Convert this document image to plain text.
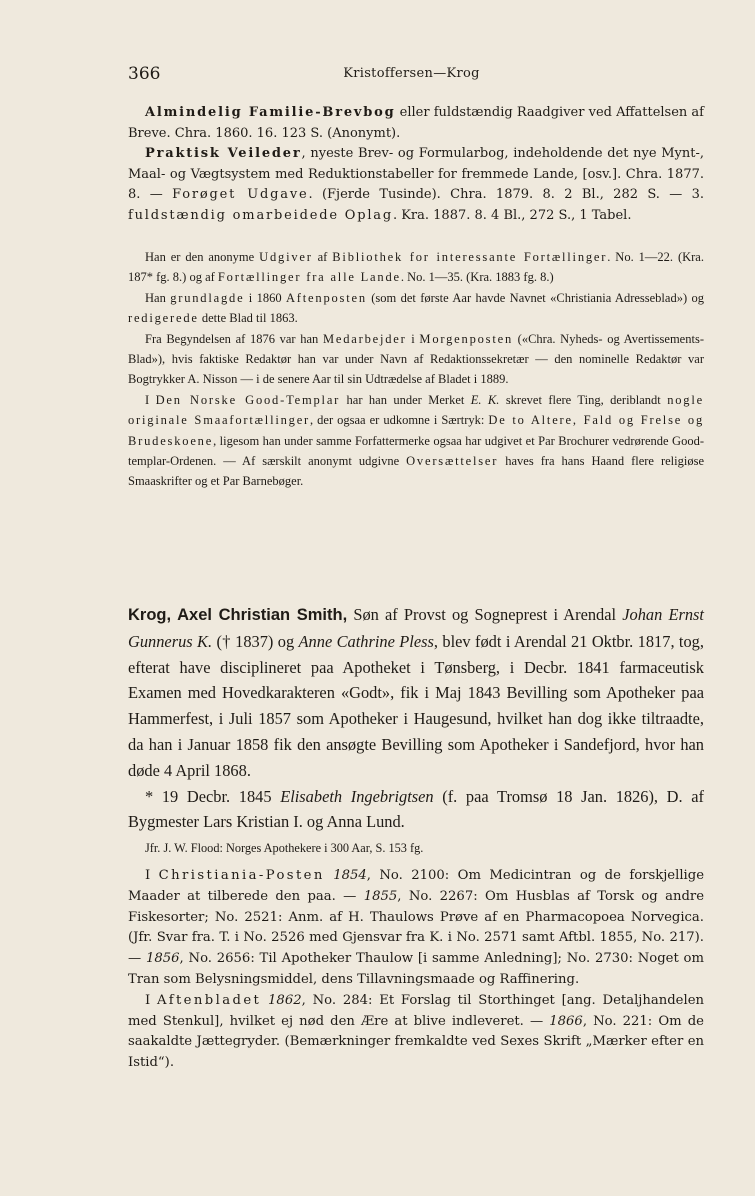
366	Kristoffersen—Krog

Almindelig Familie-Brevbog eller fuldstændig Raadgiver ved Affattelsen af Breve. Chra. 1860. 16. 123 S. (Anonymt).

Praktisk Veileder, nyeste Brev- og Formularbog, indeholdende det nye Mynt-, Maal- og Vægtsystem med Reduktionstabeller for fremmede Lande, [osv.]. Chra. 1877. 8. — Forøget Udgave. (Fjerde Tusinde). Chra. 1879. 8. 2 Bl., 282 S. — 3. fuldstændig omarbeidede Oplag. Kra. 1887. 8. 4 Bl., 272 S., 1 Tabel.

Han er den anonyme Udgiver af Bibliothek for interessante Fortællinger. No. 1—22. (Kra. 187* fg. 8.) og af Fortællinger fra alle Lande. No. 1—35. (Kra. 1883 fg. 8.)

Han grundlagde i 1860 Aftenposten (som det første Aar havde Navnet «Christiania Adresseblad») og redigerede dette Blad til 1863.

Fra Begyndelsen af 1876 var han Medarbejder i Morgenposten («Chra. Nyheds- og Avertissements-Blad»), hvis faktiske Redaktør han var under Navn af Redaktionssekretær — den nominelle Redaktør var Bogtrykker A. Nisson — i de senere Aar til sin Udtrædelse af Bladet i 1889.

I Den Norske Good-Templar har han under Merket E. K. skrevet flere Ting, deriblandt nogle originale Smaafortællinger, der ogsaa er udkomne i Særtryk: De to Altere, Fald og Frelse og Brudeskoene, ligesom han under samme Forfattermerke ogsaa har udgivet et Par Brochurer vedrørende Good-templar-Ordenen. — Af særskilt anonymt udgivne Oversættelser haves fra hans Haand flere religiøse Smaaskrifter og et Par Barnebøger.

Krog, Axel Christian Smith, Søn af Provst og Sogneprest i Arendal Johan Ernst Gunnerus K. († 1837) og Anne Cathrine Pless, blev født i Arendal 21 Oktbr. 1817, tog, efterat have disciplineret paa Apotheket i Tønsberg, i Decbr. 1841 farmaceutisk Examen med Hovedkarakteren «Godt», fik i Maj 1843 Bevilling som Apotheker paa Hammerfest, i Juli 1857 som Apotheker i Haugesund, hvilket han dog ikke tiltraadte, da han i Januar 1858 fik den ansøgte Bevilling som Apotheker i Sandefjord, hvor han døde 4 April 1868.

* 19 Decbr. 1845 Elisabeth Ingebrigtsen (f. paa Tromsø 18 Jan. 1826), D. af Bygmester Lars Kristian I. og Anna Lund.

Jfr. J. W. Flood: Norges Apothekere i 300 Aar, S. 153 fg.

I Christiania-Posten 1854, No. 2100: Om Medicintran og de forskjellige Maader at tilberede den paa. — 1855, No. 2267: Om Husblas af Torsk og andre Fiskesorter; No. 2521: Anm. af H. Thaulows Prøve af en Pharmacopoea Norvegica. (Jfr. Svar fra. T. i No. 2526 med Gjensvar fra K. i No. 2571 samt Aftbl. 1855, No. 217). — 1856, No. 2656: Til Apotheker Thaulow [i samme Anledning]; No. 2730: Noget om Tran som Belysningsmiddel, dens Tillavningsmaade og Raffinering.

I Aftenbladet 1862, No. 284: Et Forslag til Storthinget [ang. Detaljhandelen med Stenkul], hvilket ej nød den Ære at blive indleveret. — 1866, No. 221: Om de saakaldte Jættegryder. (Bemærkninger fremkaldte ved Sexes Skrift „Mærker efter en Istid“).
